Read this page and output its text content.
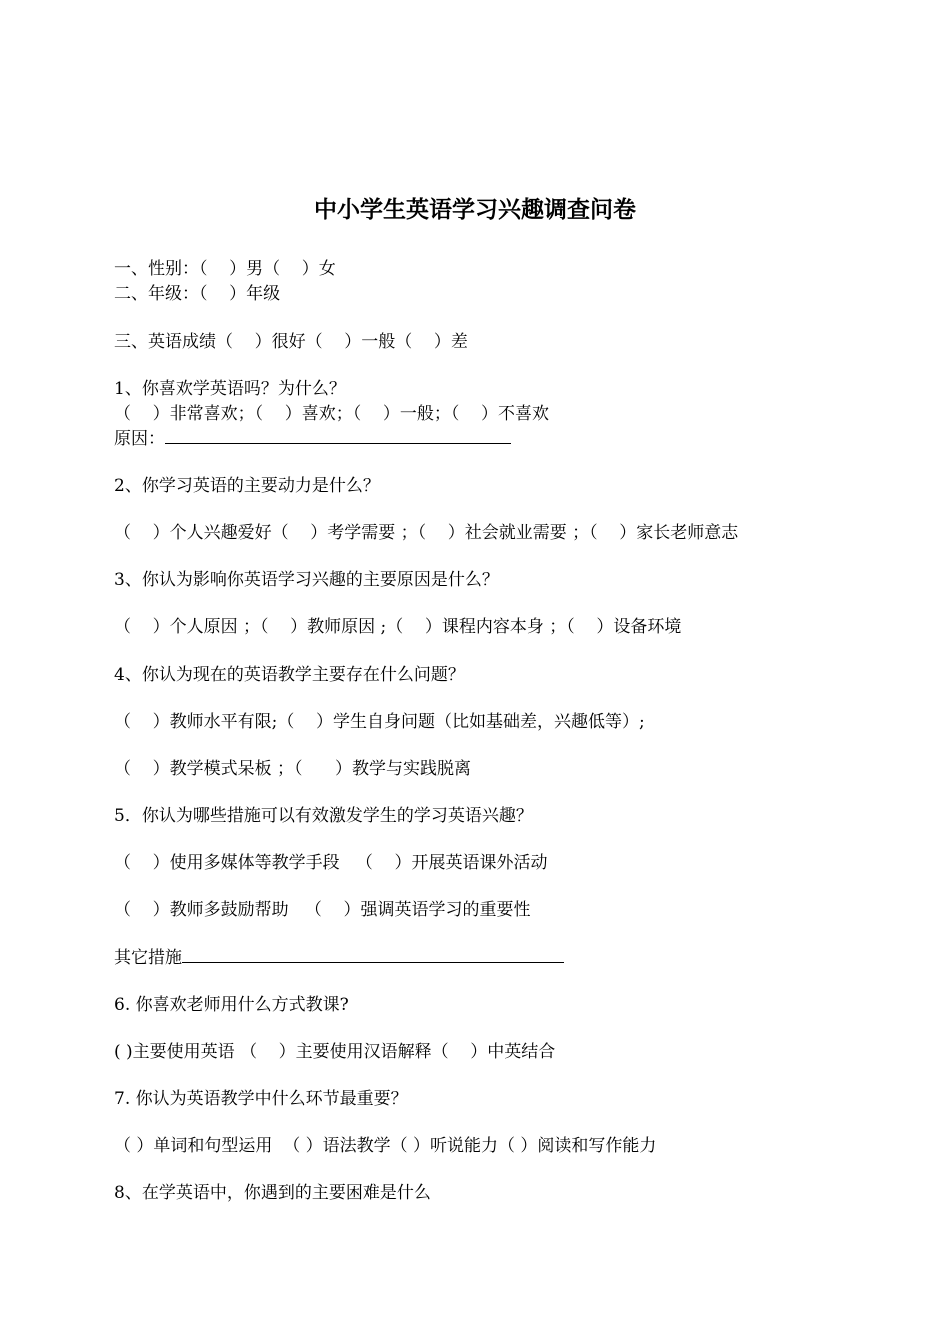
中小学生英语学习兴趣调查问卷
一、性别：（    ）男（    ）女
二、年级：（    ）年级
三、英语成绩（    ）很好（    ）一般（    ）差
1、你喜欢学英语吗？为什么？
（    ）非常喜欢；（    ）喜欢；（    ）一般；（    ）不喜欢
原因：
2、你学习英语的主要动力是什么？
（    ）个人兴趣爱好（    ）考学需要 ；（    ）社会就业需要 ；（    ）家长老师意志
3、你认为影响你英语学习兴趣的主要原因是什么？
（    ）个人原因 ；（    ）教师原因 ;（    ）课程内容本身 ；（    ）设备环境
4、你认为现在的英语教学主要存在什么问题？
（    ）教师水平有限;（    ）学生自身问题（比如基础差，兴趣低等）;
（    ）教学模式呆板 ；（      ）教学与实践脱离
5．你认为哪些措施可以有效激发学生的学习英语兴趣？
（    ）使用多媒体等教学手段   （    ）开展英语课外活动
（    ）教师多鼓励帮助   （    ）强调英语学习的重要性
其它措施
6. 你喜欢老师用什么方式教课?
( )主要使用英语 （    ）主要使用汉语解释（    ）中英结合
7. 你认为英语教学中什么环节最重要？
（ ）单词和句型运用  （ ）语法教学（ ）听说能力（ ）阅读和写作能力
8、在学英语中，你遇到的主要困难是什么
